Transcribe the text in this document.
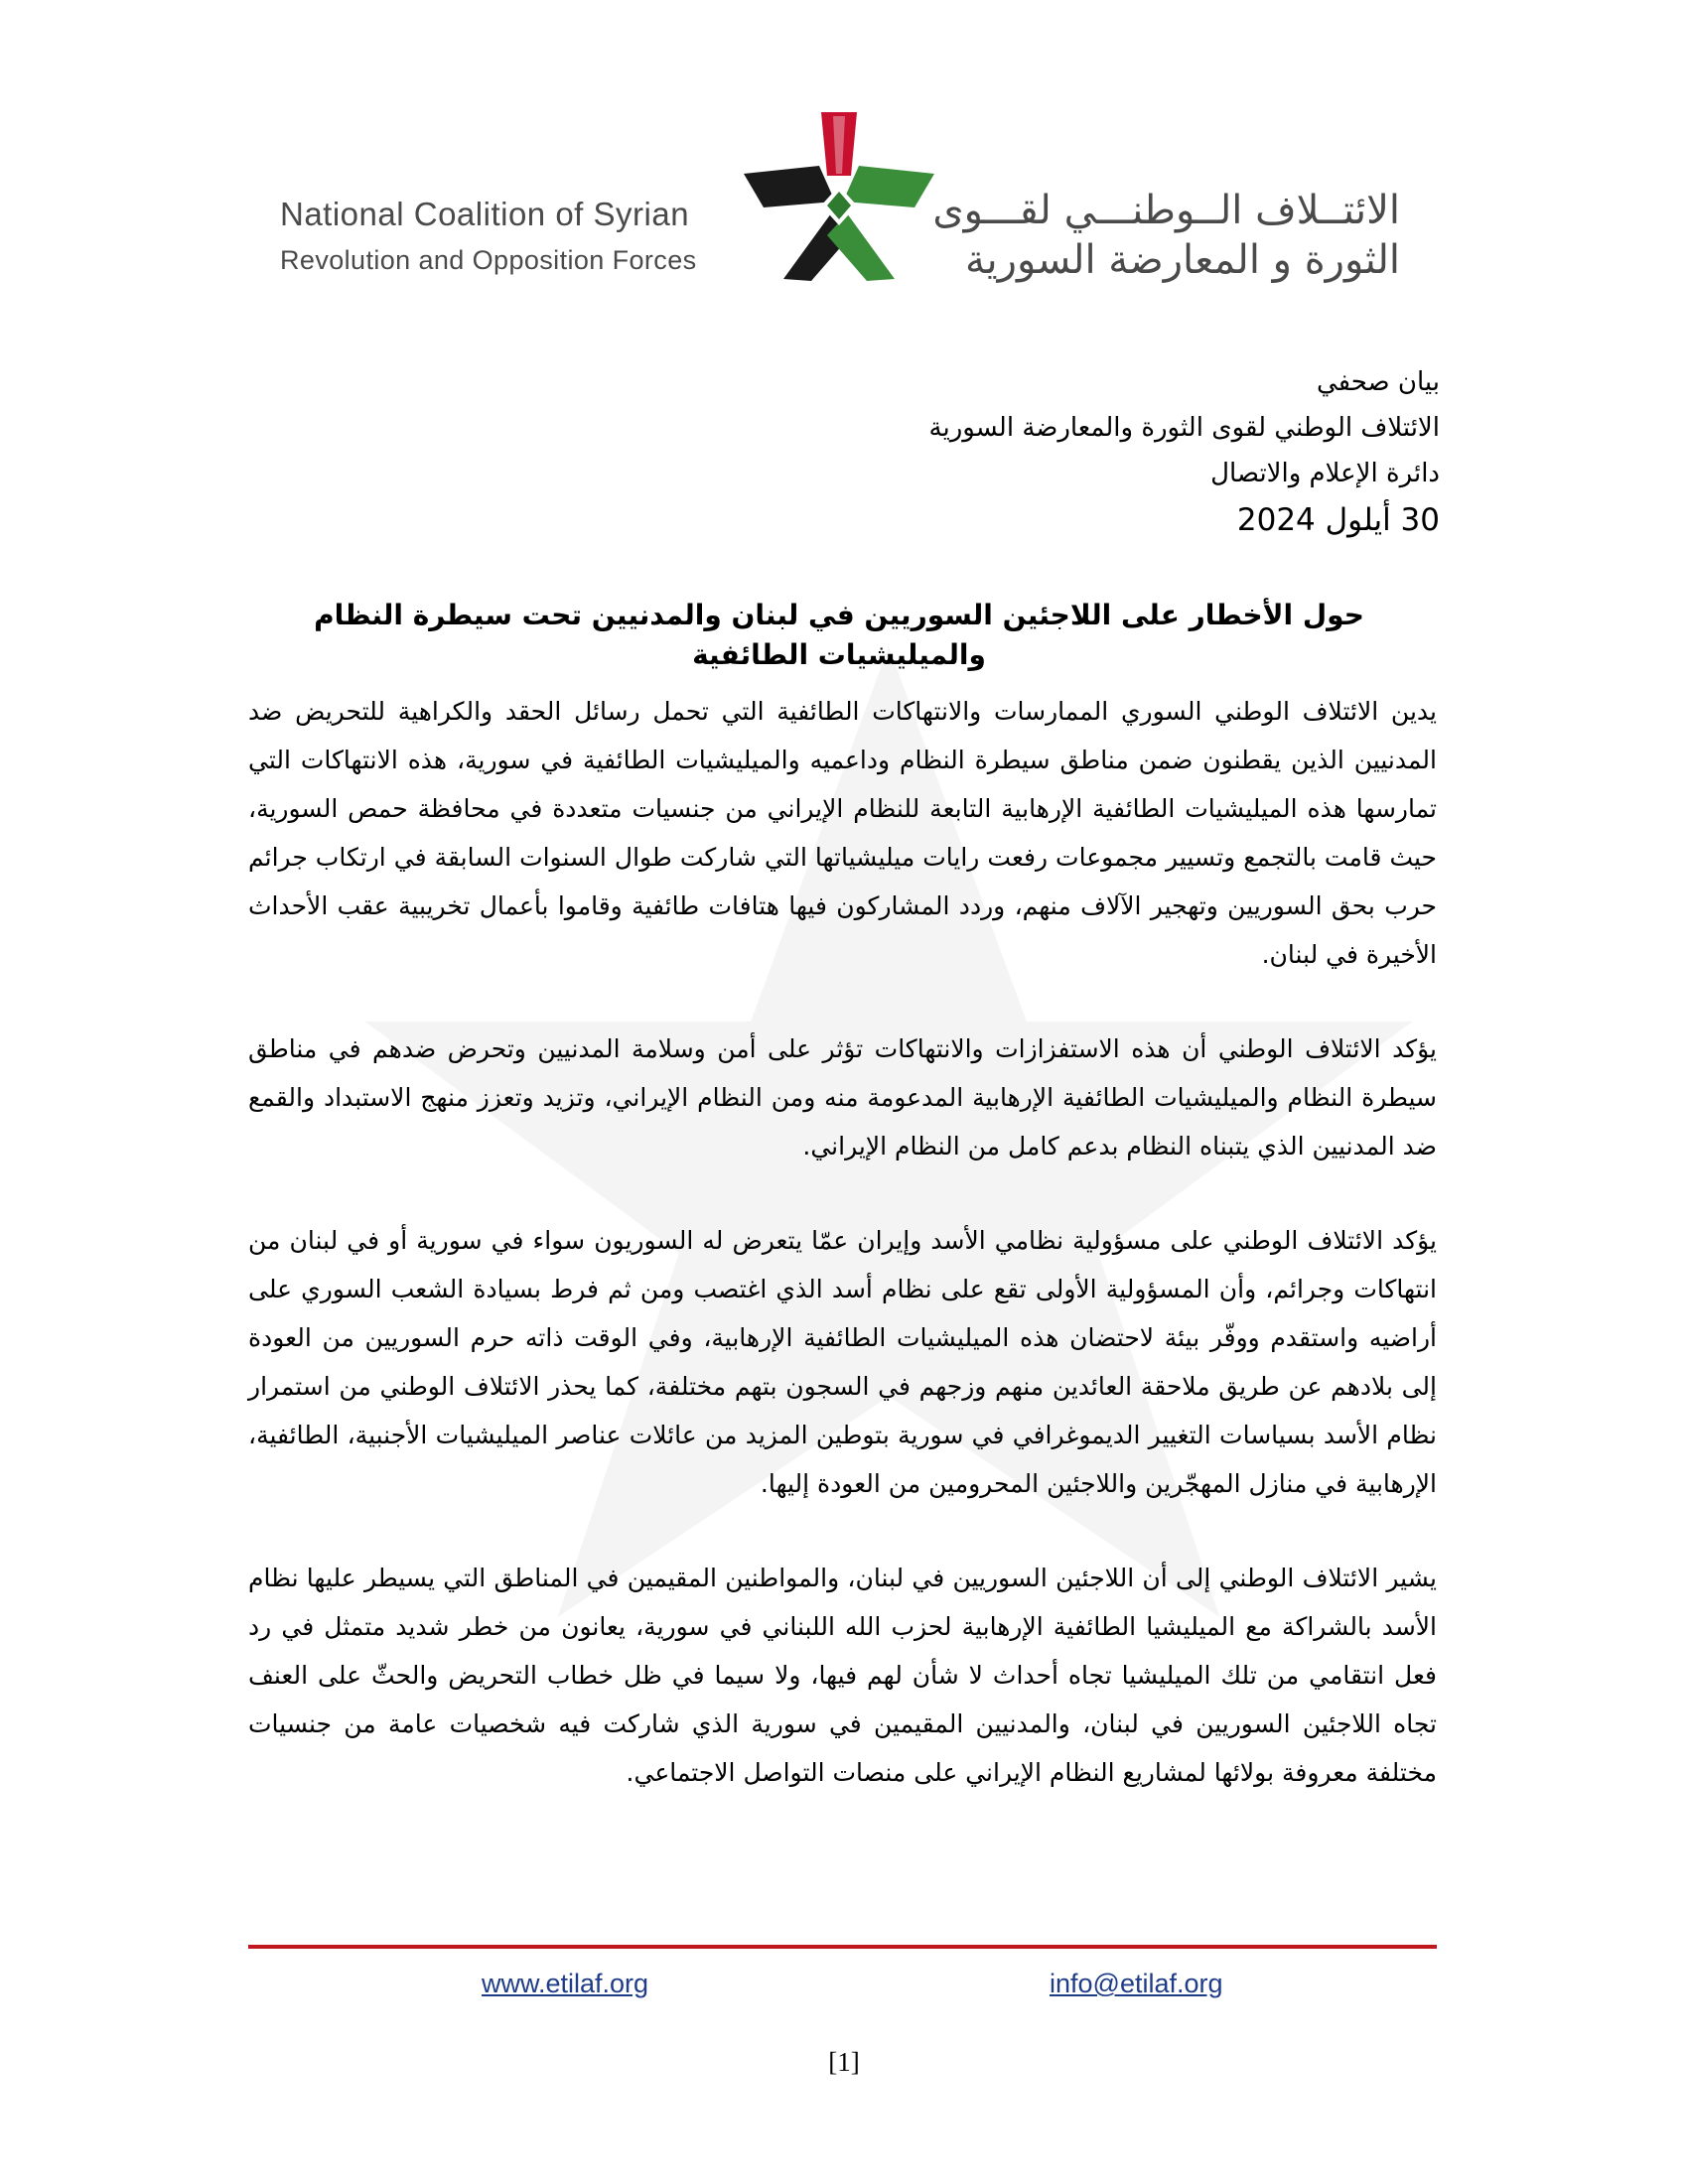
National Coalition of Syrian
Revolution and Opposition Forces
الائتــلاف الــوطنـــي لقـــوى
الثورة و المعارضة السورية
بيان صحفي
الائتلاف الوطني لقوى الثورة والمعارضة السورية
دائرة الإعلام والاتصال
30 أيلول 2024
حول الأخطار على اللاجئين السوريين في لبنان والمدنيين تحت سيطرة النظام والميليشيات الطائفية

يدين الائتلاف الوطني السوري الممارسات والانتهاكات الطائفية التي تحمل رسائل الحقد والكراهية للتحريض ضد المدنيين الذين يقطنون ضمن مناطق سيطرة النظام وداعميه والميليشيات الطائفية في سورية، هذه الانتهاكات التي تمارسها هذه الميليشيات الطائفية الإرهابية التابعة للنظام الإيراني من جنسيات متعددة في محافظة حمص السورية، حيث قامت بالتجمع وتسيير مجموعات رفعت رايات ميليشياتها التي شاركت طوال السنوات السابقة في ارتكاب جرائم حرب بحق السوريين وتهجير الآلاف منهم، وردد المشاركون فيها هتافات طائفية وقاموا بأعمال تخريبية عقب الأحداث الأخيرة في لبنان.

يؤكد الائتلاف الوطني أن هذه الاستفزازات والانتهاكات تؤثر على أمن وسلامة المدنيين وتحرض ضدهم في مناطق سيطرة النظام والميليشيات الطائفية الإرهابية المدعومة منه ومن النظام الإيراني، وتزيد وتعزز منهج الاستبداد والقمع ضد المدنيين الذي يتبناه النظام بدعم كامل من النظام الإيراني.

يؤكد الائتلاف الوطني على مسؤولية نظامي الأسد وإيران عمّا يتعرض له السوريون سواء في سورية أو في لبنان من انتهاكات وجرائم، وأن المسؤولية الأولى تقع على نظام أسد الذي اغتصب ومن ثم فرط بسيادة الشعب السوري على أراضيه واستقدم ووفّر بيئة لاحتضان هذه الميليشيات الطائفية الإرهابية، وفي الوقت ذاته حرم السوريين من العودة إلى بلادهم عن طريق ملاحقة العائدين منهم وزجهم في السجون بتهم مختلفة، كما يحذر الائتلاف الوطني من استمرار نظام الأسد بسياسات التغيير الديموغرافي في سورية بتوطين المزيد من عائلات عناصر الميليشيات الأجنبية، الطائفية، الإرهابية في منازل المهجّرين واللاجئين المحرومين من العودة إليها.

يشير الائتلاف الوطني إلى أن اللاجئين السوريين في لبنان، والمواطنين المقيمين في المناطق التي يسيطر عليها نظام الأسد بالشراكة مع الميليشيا الطائفية الإرهابية لحزب الله اللبناني في سورية، يعانون من خطر شديد متمثل في رد فعل انتقامي من تلك الميليشيا تجاه أحداث لا شأن لهم فيها، ولا سيما في ظل خطاب التحريض والحثّ على العنف تجاه اللاجئين السوريين في لبنان، والمدنيين المقيمين في سورية الذي شاركت فيه شخصيات عامة من جنسيات مختلفة معروفة بولائها لمشاريع النظام الإيراني على منصات التواصل الاجتماعي.

www.etilaf.org	info@etilaf.org
[1]
